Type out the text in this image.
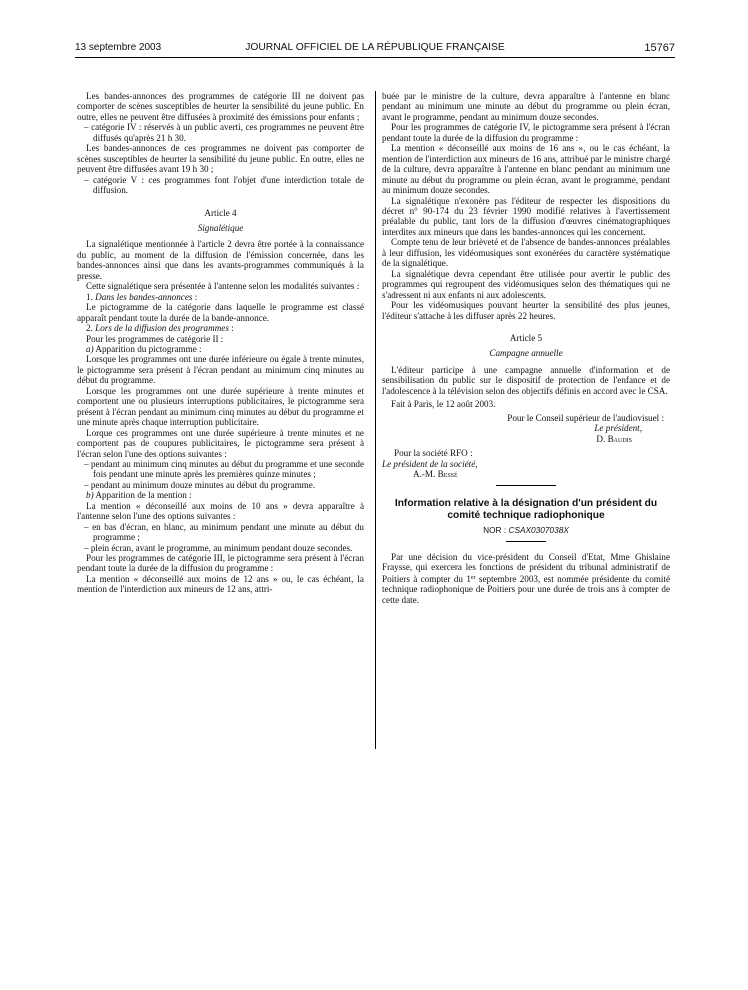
13 septembre 2003	JOURNAL OFFICIEL DE LA RÉPUBLIQUE FRANÇAISE	15767

Les bandes-annonces des programmes de catégorie III ne doivent pas comporter de scènes susceptibles de heurter la sensibilité du jeune public. En outre, elles ne peuvent être diffusées à proximité des émissions pour enfants ;

– catégorie IV : réservés à un public averti, ces programmes ne peuvent être diffusés qu'après 21 h 30.

Les bandes-annonces de ces programmes ne doivent pas comporter de scènes susceptibles de heurter la sensibilité du jeune public. En outre, elles ne peuvent être diffusées avant 19 h 30 ;

– catégorie V : ces programmes font l'objet d'une interdiction totale de diffusion.

Article 4

Signalétique

La signalétique mentionnée à l'article 2 devra être portée à la connaissance du public, au moment de la diffusion de l'émission concernée, dans les bandes-annonces ainsi que dans les avants-programmes communiqués à la presse.

Cette signalétique sera présentée à l'antenne selon les modalités suivantes :

1. Dans les bandes-annonces :

Le pictogramme de la catégorie dans laquelle le programme est classé apparaît pendant toute la durée de la bande-annonce.

2. Lors de la diffusion des programmes :

Pour les programmes de catégorie II :

a) Apparition du pictogramme :

Lorsque les programmes ont une durée inférieure ou égale à trente minutes, le pictogramme sera présent à l'écran pendant au minimum cinq minutes au début du programme.

Lorsque les programmes ont une durée supérieure à trente minutes et comportent une ou plusieurs interruptions publicitaires, le pictogramme sera présent à l'écran pendant au minimum cinq minutes au début du programme et une minute après chaque interruption publicitaire.

Lorque ces programmes ont une durée supérieure à trente minutes et ne comportent pas de coupures publicitaires, le pictogramme sera présent à l'écran selon l'une des options suivantes :

– pendant au minimum cinq minutes au début du programme et une seconde fois pendant une minute après les premières quinze minutes ;

– pendant au minimum douze minutes au début du programme.

b) Apparition de la mention :

La mention « déconseillé aux moins de 10 ans » devra apparaître à l'antenne selon l'une des options suivantes :

– en bas d'écran, en blanc, au minimum pendant une minute au début du programme ;

– plein écran, avant le programme, au minimum pendant douze secondes.

Pour les programmes de catégorie III, le pictogramme sera présent à l'écran pendant toute la durée de la diffusion du programme :

La mention « déconseillé aux moins de 12 ans » ou, le cas échéant, la mention de l'interdiction aux mineurs de 12 ans, attri-

buée par le ministre de la culture, devra apparaître à l'antenne en blanc pendant au minimum une minute au début du programme ou plein écran, avant le programme, pendant au minimum douze secondes.

Pour les programmes de catégorie IV, le pictogramme sera présent à l'écran pendant toute la durée de la diffusion du programme :

La mention « déconseillé aux moins de 16 ans », ou le cas échéant, la mention de l'interdiction aux mineurs de 16 ans, attribué par le ministre chargé de la culture, devra apparaître à l'antenne en blanc pendant au minimum une minute au début du programme ou plein écran, avant le programme, pendant au minimum douze secondes.

La signalétique n'exonère pas l'éditeur de respecter les dispositions du décret n° 90-174 du 23 février 1990 modifié relatives à l'avertissement préalable du public, tant lors de la diffusion d'œuvres cinématographiques interdites aux mineurs que dans les bandes-annonces qui les concernent.

Compte tenu de leur brièveté et de l'absence de bandes-annonces préalables à leur diffusion, les vidéomusiques sont exonérées du caractère systématique de la signalétique.

La signalétique devra cependant être utilisée pour avertir le public des programmes qui regroupent des vidéomusiques selon des thématiques qui ne s'adressent ni aux enfants ni aux adolescents.

Pour les vidéomusiques pouvant heurter la sensibilité des plus jeunes, l'éditeur s'attache à les diffuser après 22 heures.

Article 5

Campagne annuelle

L'éditeur participe à une campagne annuelle d'information et de sensibilisation du public sur le dispositif de protection de l'enfance et de l'adolescence à la télévision selon des objectifs définis en accord avec le CSA.

Fait à Paris, le 12 août 2003.

Pour le Conseil supérieur de l'audiovisuel :

Le président,

D. Baudis

Pour la société RFO :

Le président de la société,

A.-M. Bessé

Information relative à la désignation d'un président du comité technique radiophonique

NOR : CSAX0307038X

Par une décision du vice-président du Conseil d'Etat, Mme Ghislaine Fraysse, qui exercera les fonctions de président du tribunal administratif de Poitiers à compter du 1er septembre 2003, est nommée présidente du comité technique radiophonique de Poitiers pour une durée de trois ans à compter de cette date.
